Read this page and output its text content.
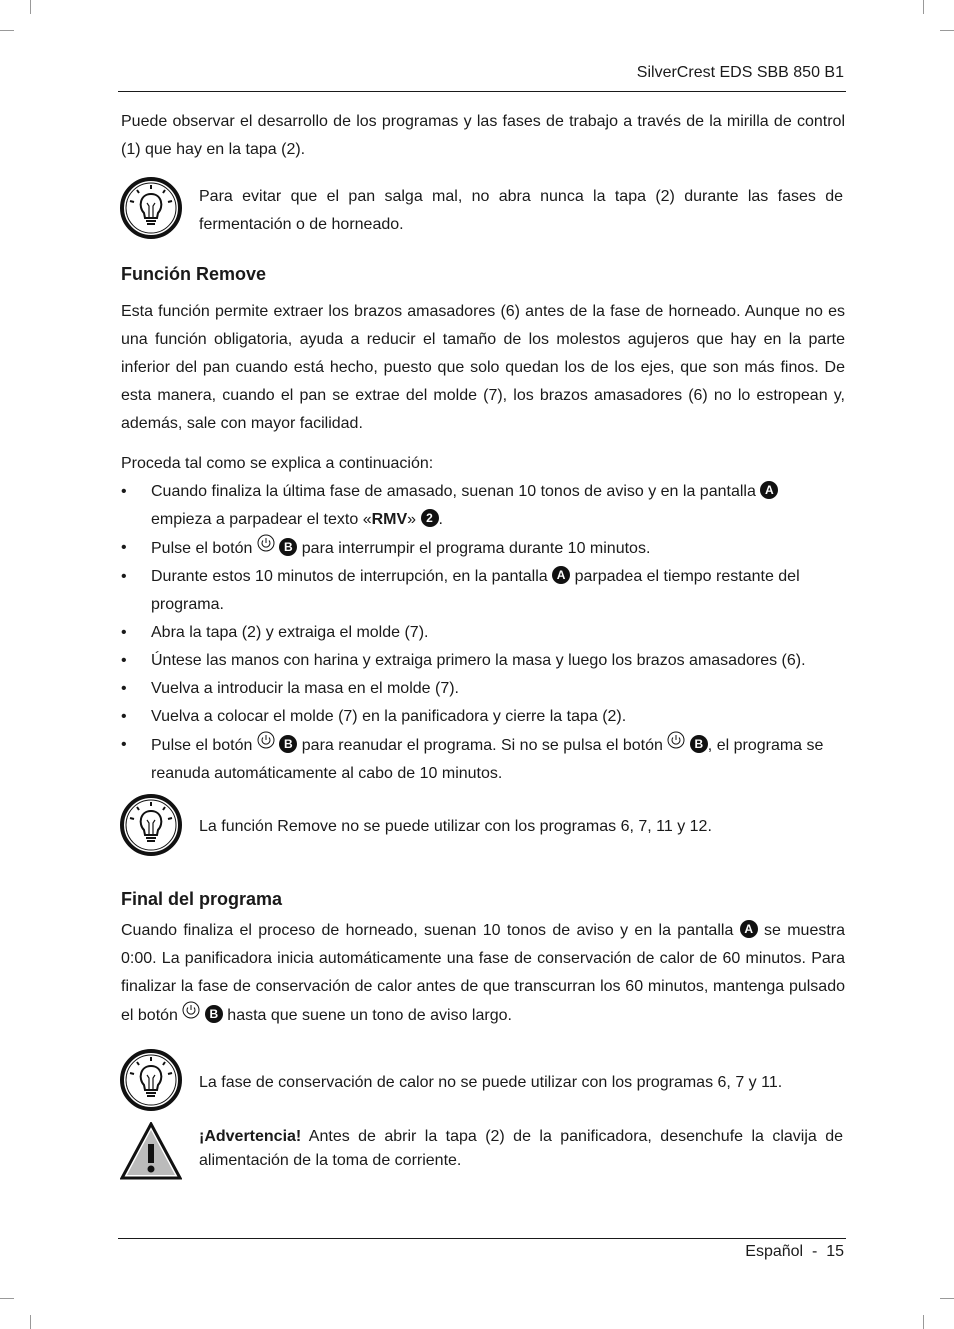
SilverCrest EDS SBB 850 B1
Puede observar el desarrollo de los programas y las fases de trabajo a través de la mirilla de control (1) que hay en la tapa (2).
Para evitar que el pan salga mal, no abra nunca la tapa (2) durante las fases de fermentación o de horneado.
Función Remove
Esta función permite extraer los brazos amasadores (6) antes de la fase de horneado. Aunque no es una función obligatoria, ayuda a reducir el tamaño de los molestos agujeros que hay en la parte inferior del pan cuando está hecho, puesto que solo quedan los de los ejes, que son más finos. De esta manera, cuando el pan se extrae del molde (7), los brazos amasadores (6) no lo estropean y, además, sale con mayor facilidad.
Proceda tal como se explica a continuación:
• Cuando finaliza la última fase de amasado, suenan 10 tonos de aviso y en la pantalla A
empieza a parpadear el texto «RMV» 2 .
• Pulse el botón	B para interrumpir el programa durante 10 minutos.
• Durante estos 10 minutos de interrupción, en la pantalla A parpadea el tiempo restante del programa.
• Abra la tapa (2) y extraiga el molde (7).
• Úntese las manos con harina y extraiga primero la masa y luego los brazos amasadores (6).
• Vuelva a introducir la masa en el molde (7).
• Vuelva a colocar el molde (7) en la panificadora y cierre la tapa (2).
• Pulse el botón	B para reanudar el programa. Si no se pulsa el botón	B , el programa se reanuda automáticamente al cabo de 10 minutos.
La función Remove no se puede utilizar con los programas 6, 7, 11 y 12.
Final del programa
Cuando finaliza el proceso de horneado, suenan 10 tonos de aviso y en la pantalla A se muestra 0:00. La panificadora inicia automáticamente una fase de conservación de calor de 60 minutos. Para finalizar la fase de conservación de calor antes de que transcurran los 60 minutos, mantenga pulsado el botón	B hasta que suene un tono de aviso largo.
La fase de conservación de calor no se puede utilizar con los programas 6, 7 y 11.
¡Advertencia! Antes de abrir la tapa (2) de la panificadora, desenchufe la clavija de alimentación de la toma de corriente.
Español  -  15
